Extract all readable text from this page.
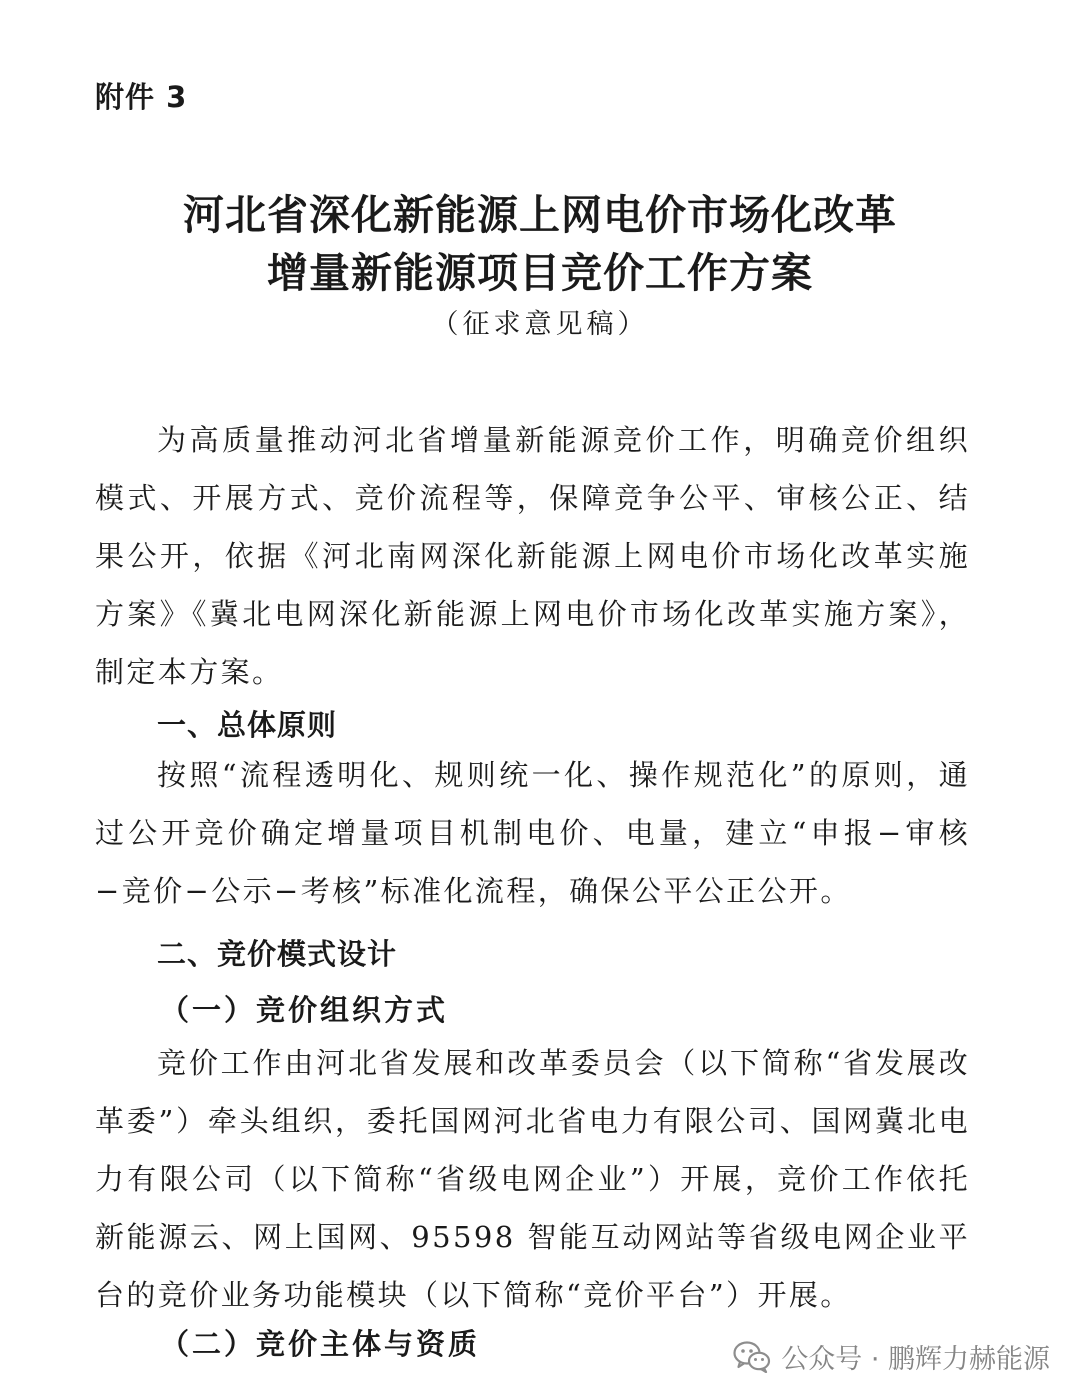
附件 3
河北省深化新能源上网电价市场化改革
增量新能源项目竞价工作方案
（征求意见稿）

为高质量推动河北省增量新能源竞价工作，明确竞价组织模式、开展方式、竞价流程等，保障竞争公平、审核公正、结果公开，依据《河北南网深化新能源上网电价市场化改革实施方案》《冀北电网深化新能源上网电价市场化改革实施方案》，制定本方案。

一、总体原则

按照“流程透明化、规则统一化、操作规范化”的原则，通过公开竞价确定增量项目机制电价、电量，建立“申报−审核−竞价−公示−考核”标准化流程，确保公平公正公开。

二、竞价模式设计
（一）竞价组织方式

竞价工作由河北省发展和改革委员会（以下简称“省发展改革委”）牵头组织，委托国网河北省电力有限公司、国网冀北电力有限公司（以下简称“省级电网企业”）开展，竞价工作依托新能源云、网上国网、95598 智能互动网站等省级电网企业平台的竞价业务功能模块（以下简称“竞价平台”）开展。

（二）竞价主体与资质	公众号 · 鹏辉力赫能源
